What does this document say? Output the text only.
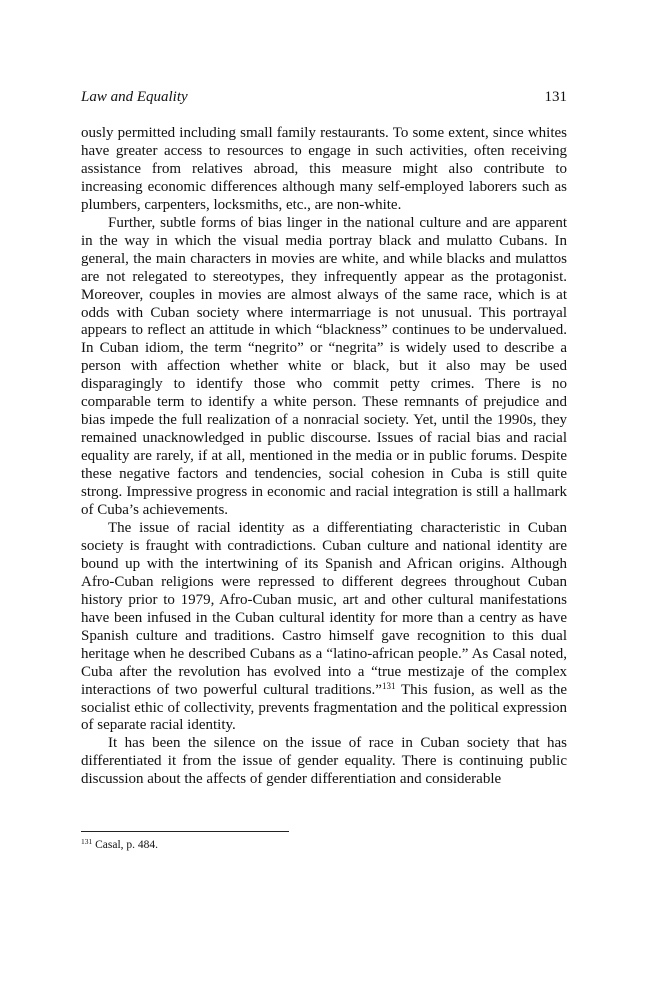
Law and Equality	131

ously permitted including small family restaurants. To some extent, since whites have greater access to resources to engage in such activities, often receiving assistance from relatives abroad, this measure might also contribute to increasing economic differences although many self-employed laborers such as plumbers, carpenters, locksmiths, etc., are non-white.

Further, subtle forms of bias linger in the national culture and are apparent in the way in which the visual media portray black and mulatto Cubans. In general, the main characters in movies are white, and while blacks and mulattos are not relegated to stereotypes, they infrequently appear as the protagonist. Moreover, couples in movies are almost always of the same race, which is at odds with Cuban society where intermarriage is not unusual. This portrayal appears to reflect an attitude in which “blackness” continues to be undervalued. In Cuban idiom, the term “negrito” or “negrita” is widely used to describe a person with affection whether white or black, but it also may be used disparagingly to identify those who commit petty crimes. There is no comparable term to identify a white person. These remnants of prejudice and bias impede the full realization of a nonracial society. Yet, until the 1990s, they remained unacknowledged in public discourse. Issues of racial bias and racial equality are rarely, if at all, mentioned in the media or in public forums. Despite these negative factors and tendencies, social cohesion in Cuba is still quite strong. Impressive progress in economic and racial integration is still a hallmark of Cuba’s achievements.

The issue of racial identity as a differentiating characteristic in Cuban society is fraught with contradictions. Cuban culture and national identity are bound up with the intertwining of its Spanish and African origins. Although Afro-Cuban religions were repressed to different degrees throughout Cuban history prior to 1979, Afro-Cuban music, art and other cultural manifestations have been infused in the Cuban cultural identity for more than a centry as have Spanish culture and traditions. Castro himself gave recognition to this dual heritage when he described Cubans as a “latino-african people.” As Casal noted, Cuba after the revolution has evolved into a “true mestizaje of the complex interactions of two powerful cultural traditions.”$^{131}$ This fusion, as well as the socialist ethic of collectivity, prevents fragmentation and the political expression of separate racial identity.

It has been the silence on the issue of race in Cuban society that has differentiated it from the issue of gender equality. There is continuing public discussion about the affects of gender differentiation and considerable

$^{131}$ Casal, p. 484.
